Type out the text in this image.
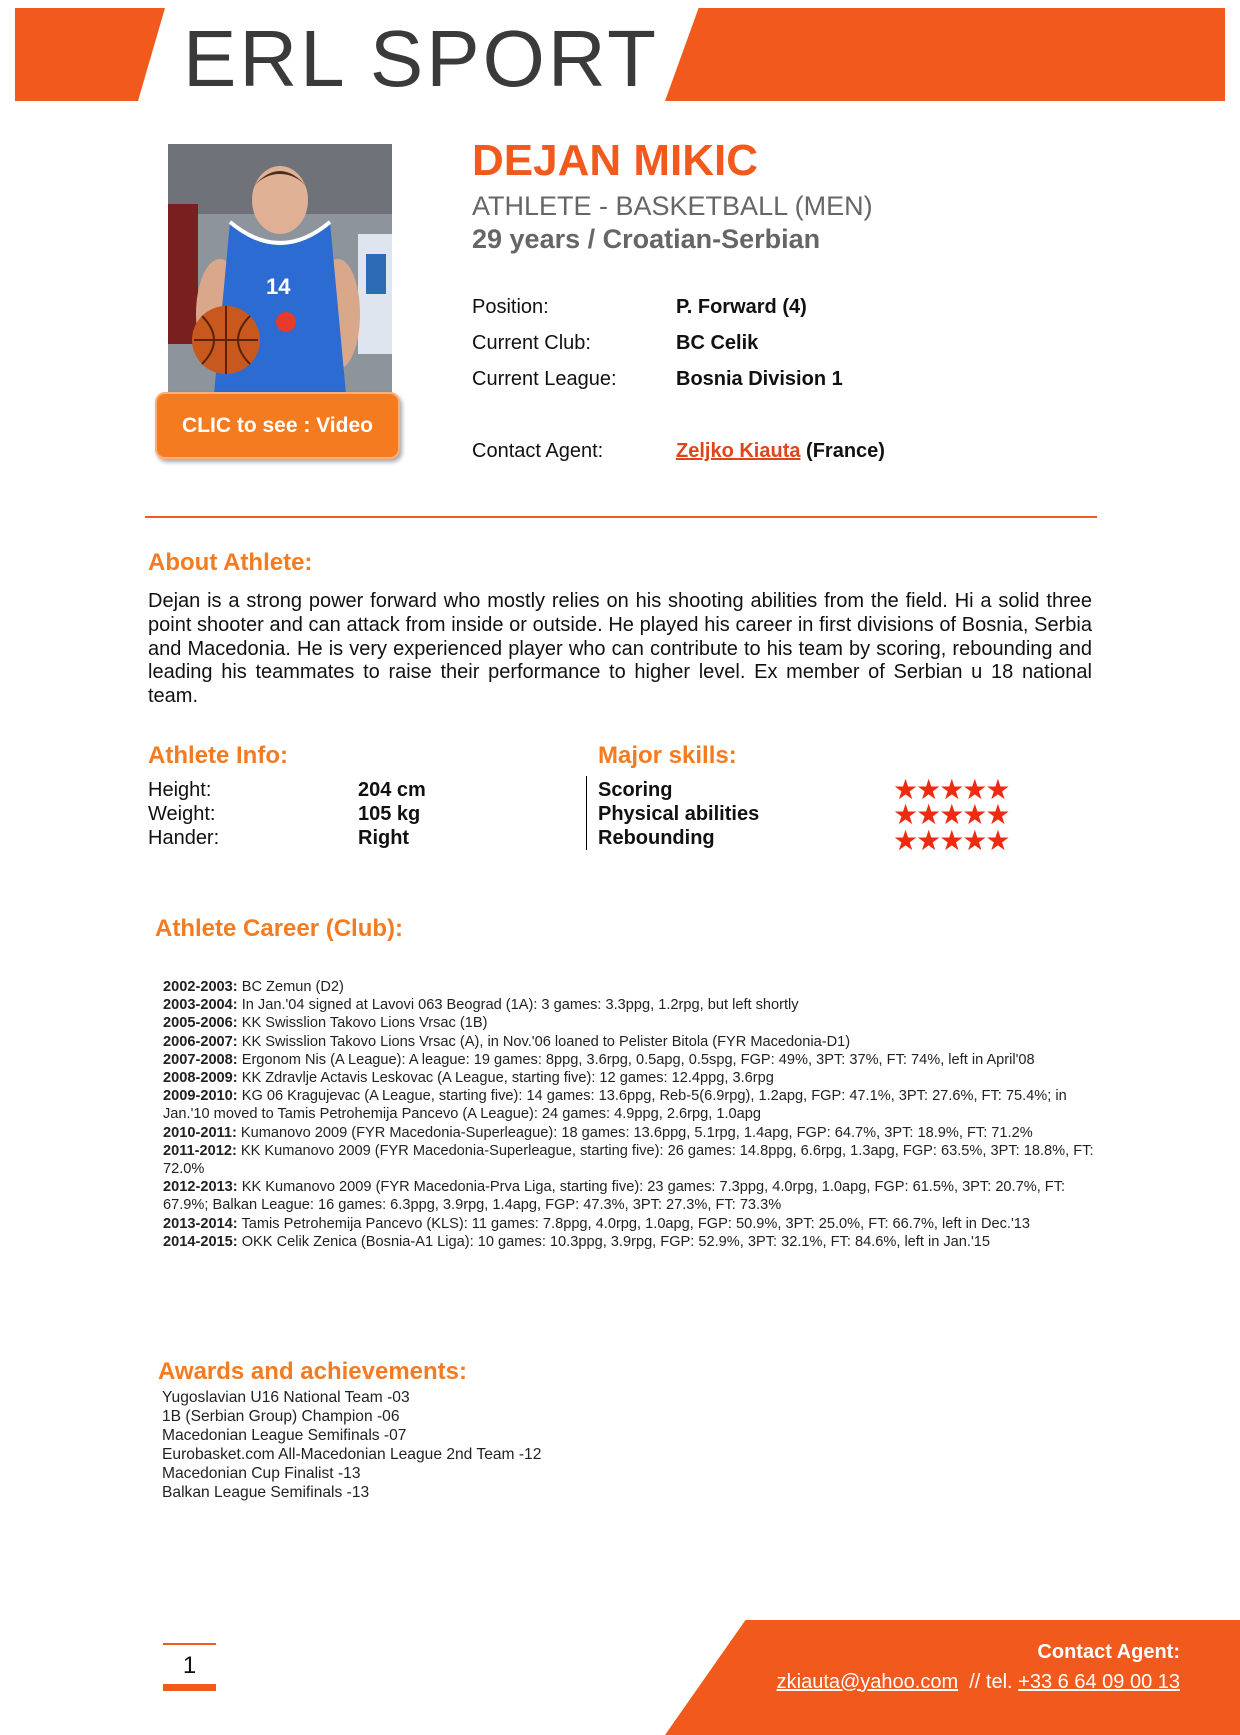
ERL SPORT
14
CLIC to see : Video
DEJAN MIKIC
ATHLETE - BASKETBALL (MEN)
29 years / Croatian-Serbian
Position:	P. Forward (4)
Current Club:	BC Celik
Current League:	Bosnia Division 1
Contact Agent:	Zeljko Kiauta (France)
About Athlete:
Dejan is a strong power forward who mostly relies on his shooting abilities from the field. Hi a solid three point shooter and can attack from inside or outside. He played his career in first divisions of Bosnia, Serbia and Macedonia. He is very experienced player who can contribute to his team by scoring, rebounding and leading his teammates to raise their performance to higher level. Ex member of Serbian u 18 national team.
Athlete Info:
Height:	204 cm
Weight:	105 kg
Hander:	Right
Major skills:
Scoring	★★★★★
Physical abilities	★★★★★
Rebounding	★★★★★
Athlete Career (Club):

2002-2003: BC Zemun (D2)

2003-2004: In Jan.'04 signed at Lavovi 063 Beograd (1A): 3 games: 3.3ppg, 1.2rpg, but left shortly

2005-2006: KK Swisslion Takovo Lions Vrsac (1B)

2006-2007: KK Swisslion Takovo Lions Vrsac (A), in Nov.'06 loaned to Pelister Bitola (FYR Macedonia-D1)

2007-2008: Ergonom Nis (A League): A league: 19 games: 8ppg, 3.6rpg, 0.5apg, 0.5spg, FGP: 49%, 3PT: 37%, FT: 74%, left in April'08

2008-2009: KK Zdravlje Actavis Leskovac (A League, starting five): 12 games: 12.4ppg, 3.6rpg

2009-2010: KG 06 Kragujevac (A League, starting five): 14 games: 13.6ppg, Reb-5(6.9rpg), 1.2apg, FGP: 47.1%, 3PT: 27.6%, FT: 75.4%; in Jan.'10 moved to Tamis Petrohemija Pancevo (A League): 24 games: 4.9ppg, 2.6rpg, 1.0apg

2010-2011: Kumanovo 2009 (FYR Macedonia-Superleague): 18 games: 13.6ppg, 5.1rpg, 1.4apg, FGP: 64.7%, 3PT: 18.9%, FT: 71.2%

2011-2012: KK Kumanovo 2009 (FYR Macedonia-Superleague, starting five): 26 games: 14.8ppg, 6.6rpg, 1.3apg, FGP: 63.5%, 3PT: 18.8%, FT: 72.0%

2012-2013: KK Kumanovo 2009 (FYR Macedonia-Prva Liga, starting five): 23 games: 7.3ppg, 4.0rpg, 1.0apg, FGP: 61.5%, 3PT: 20.7%, FT: 67.9%; Balkan League: 16 games: 6.3ppg, 3.9rpg, 1.4apg, FGP: 47.3%, 3PT: 27.3%, FT: 73.3%

2013-2014: Tamis Petrohemija Pancevo (KLS): 11 games: 7.8ppg, 4.0rpg, 1.0apg, FGP: 50.9%, 3PT: 25.0%, FT: 66.7%, left in Dec.'13

2014-2015: OKK Celik Zenica (Bosnia-A1 Liga): 10 games: 10.3ppg, 3.9rpg, FGP: 52.9%, 3PT: 32.1%, FT: 84.6%, left in Jan.'15

Awards and achievements:
Yugoslavian U16 National Team -03
1B (Serbian Group) Champion -06
Macedonian League Semifinals -07
Eurobasket.com All-Macedonian League 2nd Team -12
Macedonian Cup Finalist -13
Balkan League Semifinals -13
1	Contact Agent:
zkiauta@yahoo.com  // tel. +33 6 64 09 00 13
